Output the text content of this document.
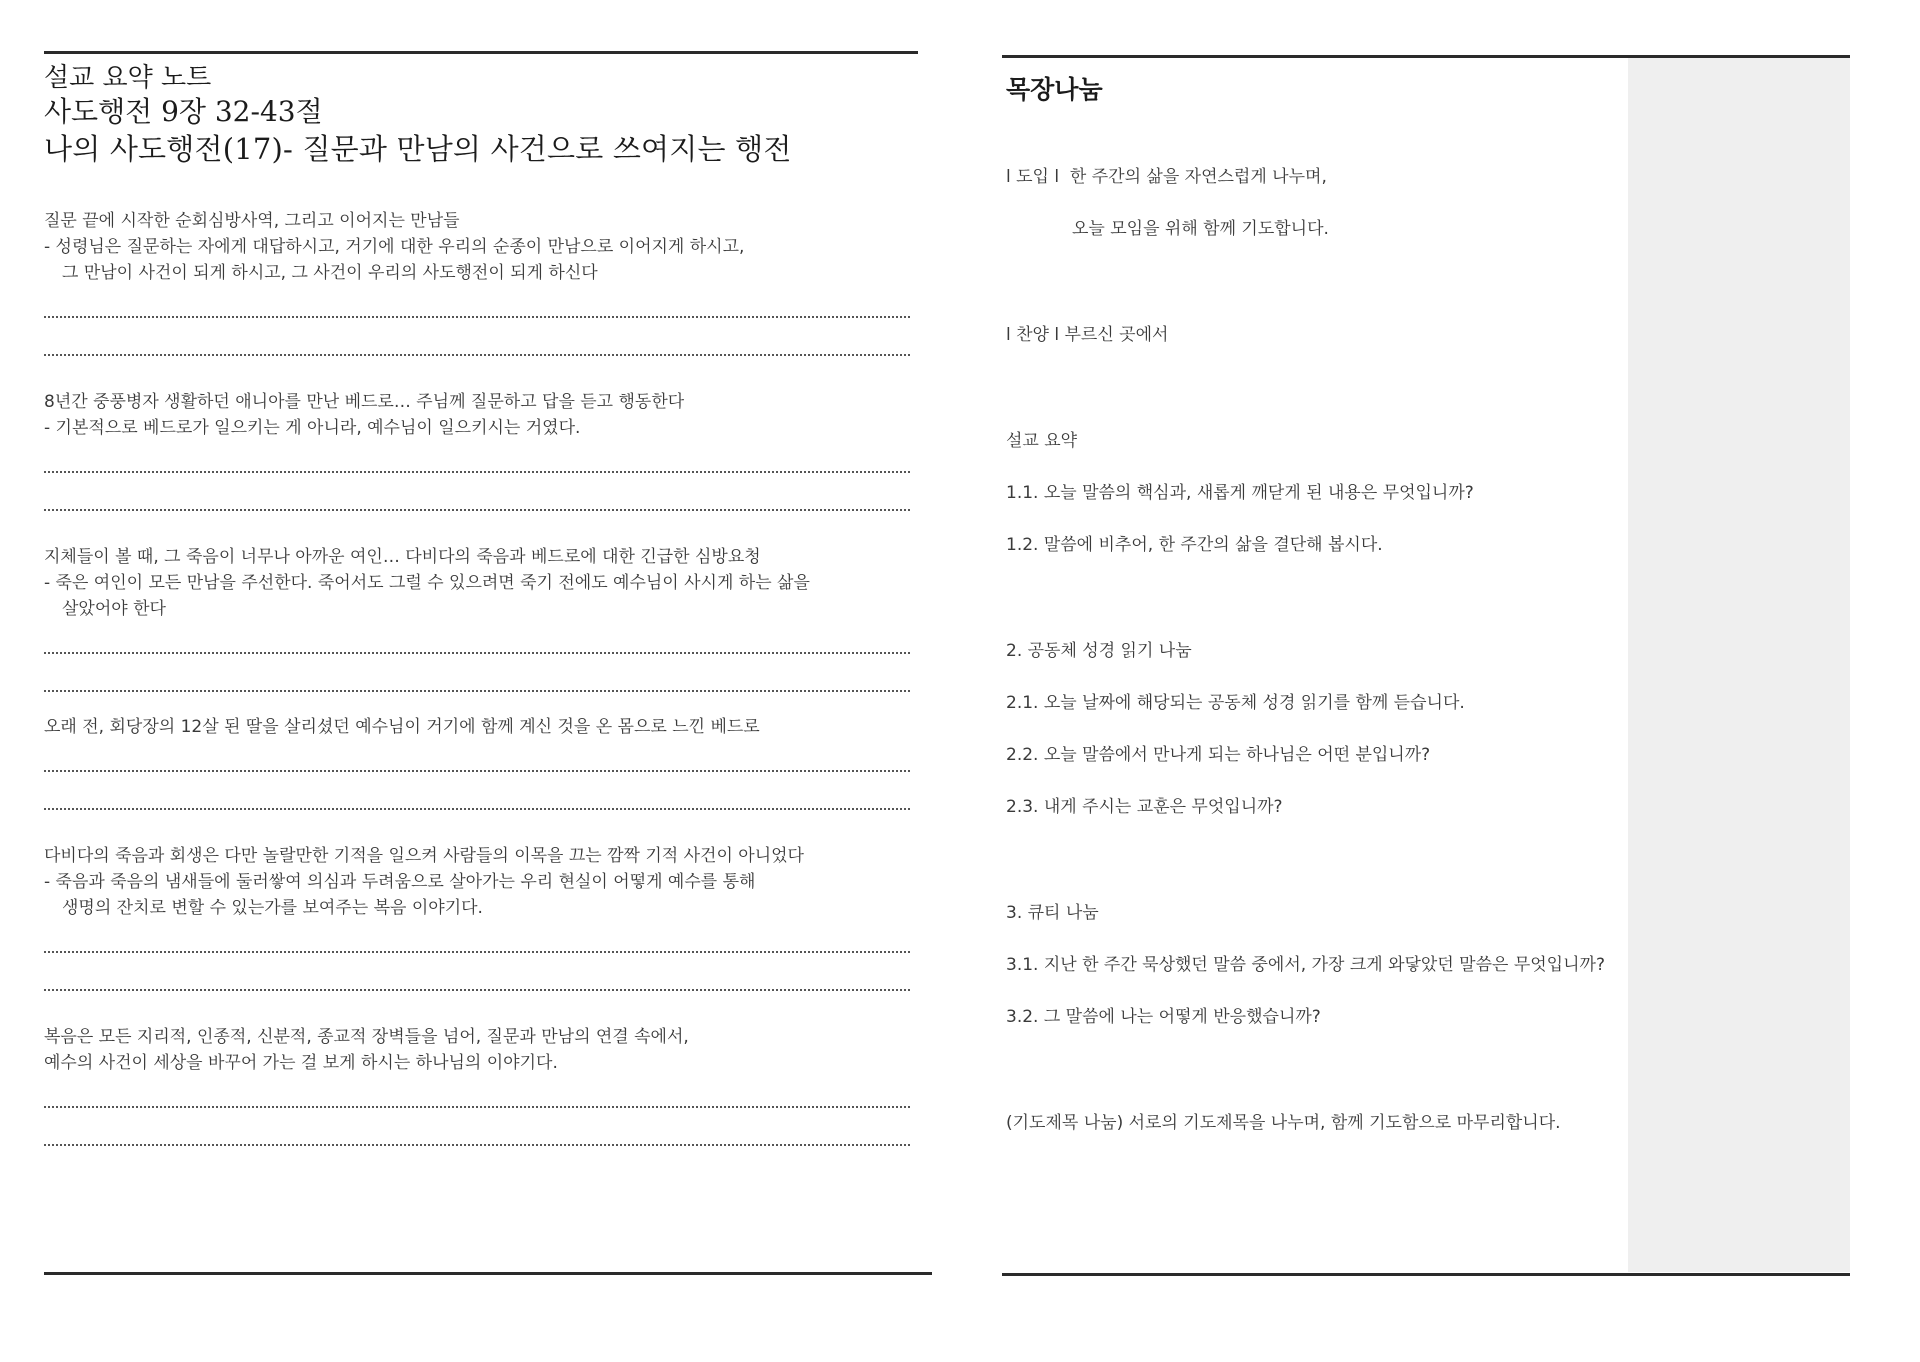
설교 요약 노트
사도행전 9장 32-43절
나의 사도행전(17)- 질문과 만남의 사건으로 쓰여지는 행전
질문 끝에 시작한 순회심방사역, 그리고 이어지는 만남들
- 성령님은 질문하는 자에게 대답하시고, 거기에 대한 우리의 순종이 만남으로 이어지게 하시고,
그 만남이 사건이 되게 하시고, 그 사건이 우리의 사도행전이 되게 하신다
8년간 중풍병자 생활하던 애니아를 만난 베드로… 주님께 질문하고 답을 듣고 행동한다
- 기본적으로 베드로가 일으키는 게 아니라, 예수님이 일으키시는 거였다.
지체들이 볼 때, 그 죽음이 너무나 아까운 여인… 다비다의 죽음과 베드로에 대한 긴급한 심방요청
- 죽은 여인이 모든 만남을 주선한다. 죽어서도 그럴 수 있으려면 죽기 전에도 예수님이 사시게 하는 삶을
살았어야 한다
오래 전, 회당장의 12살 된 딸을 살리셨던 예수님이 거기에 함께 계신 것을 온 몸으로 느낀 베드로
다비다의 죽음과 회생은 다만 놀랄만한 기적을 일으켜 사람들의 이목을 끄는 깜짝 기적 사건이 아니었다
- 죽음과 죽음의 냄새들에 둘러쌓여 의심과 두려움으로 살아가는 우리 현실이 어떻게 예수를 통해
생명의 잔치로 변할 수 있는가를 보여주는 복음 이야기다.
복음은 모든 지리적, 인종적, 신분적, 종교적 장벽들을 넘어, 질문과 만남의 연결 속에서,
예수의 사건이 세상을 바꾸어 가는 걸 보게 하시는 하나님의 이야기다.
목장나눔
l 도입 l 한 주간의 삶을 자연스럽게 나누며,
오늘 모임을 위해 함께 기도합니다.
l 찬양 l 부르신 곳에서
설교 요약
1.1. 오늘 말씀의 핵심과, 새롭게 깨닫게 된 내용은 무엇입니까?
1.2. 말씀에 비추어, 한 주간의 삶을 결단해 봅시다.
2. 공동체 성경 읽기 나눔
2.1. 오늘 날짜에 해당되는 공동체 성경 읽기를 함께 듣습니다.
2.2. 오늘 말씀에서 만나게 되는 하나님은 어떤 분입니까?
2.3. 내게 주시는 교훈은 무엇입니까?
3. 큐티 나눔
3.1. 지난 한 주간 묵상했던 말씀 중에서, 가장 크게 와닿았던 말씀은 무엇입니까?
3.2. 그 말씀에 나는 어떻게 반응했습니까?
(기도제목 나눔) 서로의 기도제목을 나누며, 함께 기도함으로 마무리합니다.
